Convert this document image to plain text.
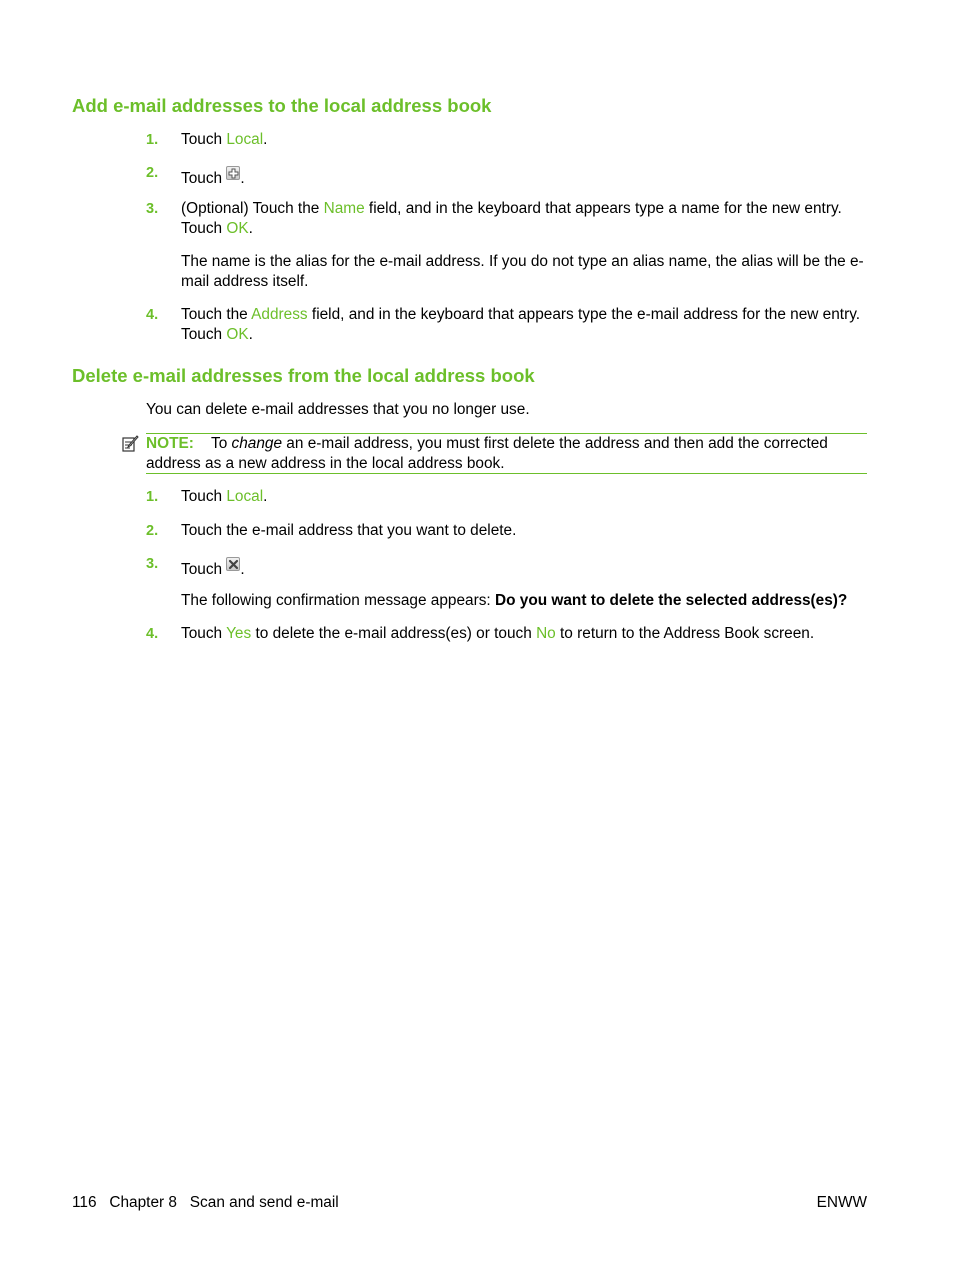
Add e-mail addresses to the local address book
1. Touch Local.
2. Touch
.
3. (Optional) Touch the Name field, and in the keyboard that appears type a name for the new entry. Touch OK.
The name is the alias for the e-mail address. If you do not type an alias name, the alias will be the e-mail address itself.
4. Touch the Address field, and in the keyboard that appears type the e-mail address for the new entry. Touch OK.
Delete e-mail addresses from the local address book
You can delete e-mail addresses that you no longer use.
NOTE: To change an e-mail address, you must first delete the address and then add the corrected address as a new address in the local address book.
1. Touch Local.
2. Touch the e-mail address that you want to delete.
3. Touch
.
The following confirmation message appears: Do you want to delete the selected address(es)?
4. Touch Yes to delete the e-mail address(es) or touch No to return to the Address Book screen.
116 Chapter 8 Scan and send e-mail	ENWW
